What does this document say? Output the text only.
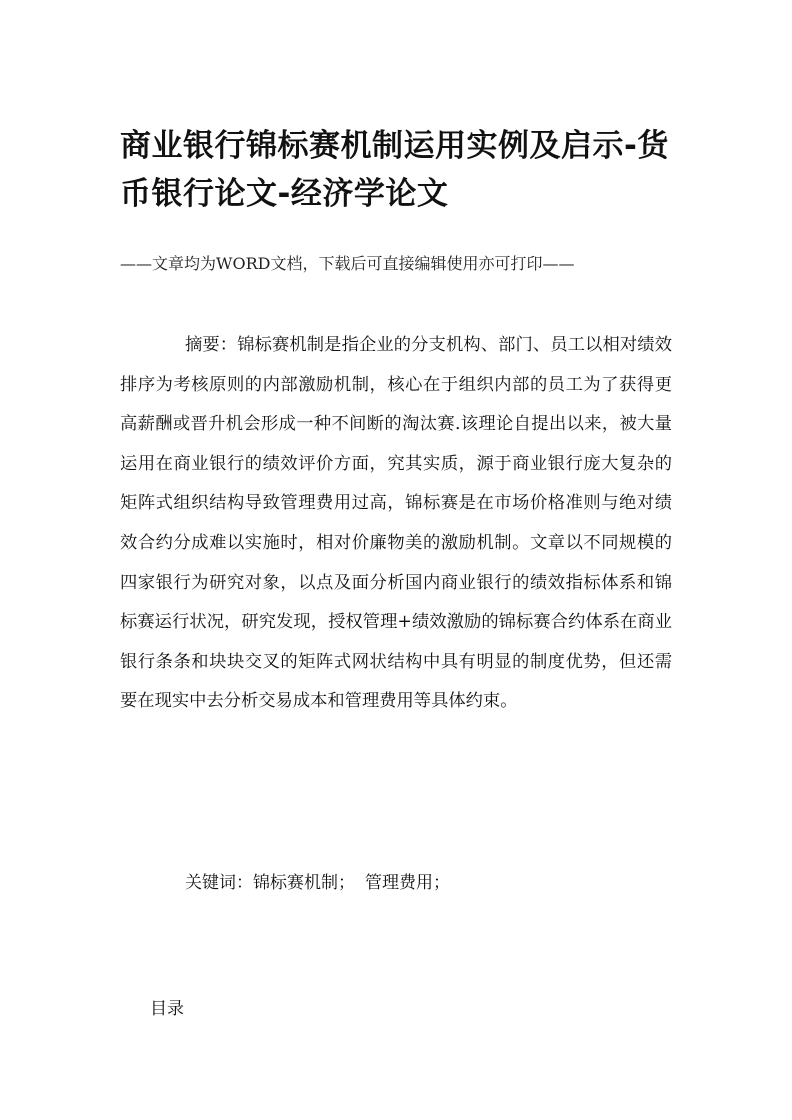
商业银行锦标赛机制运用实例及启示-货币银行论文-经济学论文
——文章均为WORD文档，下载后可直接编辑使用亦可打印——

摘要：锦标赛机制是指企业的分支机构、部门、员工以相对绩效排序为考核原则的内部激励机制，核心在于组织内部的员工为了获得更高薪酬或晋升机会形成一种不间断的淘汰赛.该理论自提出以来，被大量运用在商业银行的绩效评价方面，究其实质，源于商业银行庞大复杂的矩阵式组织结构导致管理费用过高，锦标赛是在市场价格准则与绝对绩效合约分成难以实施时，相对价廉物美的激励机制。文章以不同规模的四家银行为研究对象，以点及面分析国内商业银行的绩效指标体系和锦标赛运行状况，研究发现，授权管理+绩效激励的锦标赛合约体系在商业银行条条和块块交叉的矩阵式网状结构中具有明显的制度优势，但还需要在现实中去分析交易成本和管理费用等具体约束。

关键词：锦标赛机制； 管理费用；
目录
